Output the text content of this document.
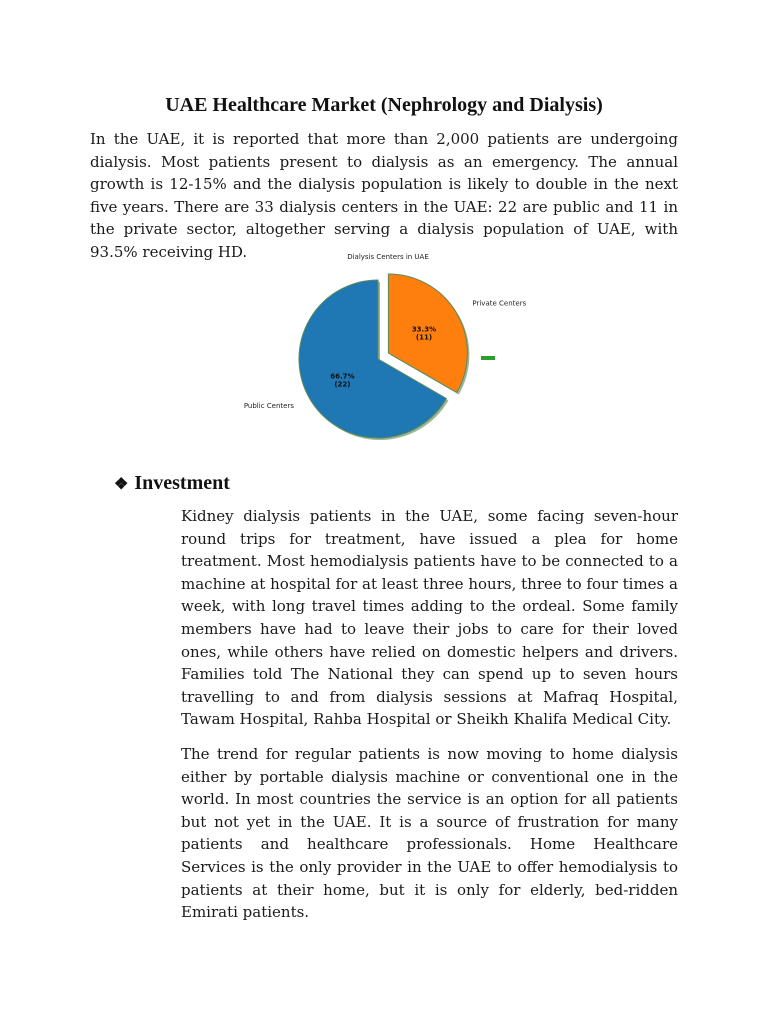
UAE Healthcare Market (Nephrology and Dialysis)

In the UAE, it is reported that more than 2,000 patients are undergoing dialysis. Most patients present to dialysis as an emergency. The annual growth is 12-15% and the dialysis population is likely to double in the next five years. There are 33 dialysis centers in the UAE: 22 are public and 11 in the private sector, altogether serving a dialysis population of UAE, with 93.5% receiving HD.	Dialysis Centers in UAE
33.3%
(11)
Private Centers
66.7%
(22)
Public Centers
❖ Investment

Kidney dialysis patients in the UAE, some facing seven-hour round trips for treatment, have issued a plea for home treatment. Most hemodialysis patients have to be connected to a machine at hospital for at least three hours, three to four times a week, with long travel times adding to the ordeal. Some family members have had to leave their jobs to care for their loved ones, while others have relied on domestic helpers and drivers. Families told The National they can spend up to seven hours travelling to and from dialysis sessions at Mafraq Hospital, Tawam Hospital, Rahba Hospital or Sheikh Khalifa Medical City.

The trend for regular patients is now moving to home dialysis either by portable dialysis machine or conventional one in the world. In most countries the service is an option for all patients but not yet in the UAE. It is a source of frustration for many patients and healthcare professionals. Home Healthcare Services is the only provider in the UAE to offer hemodialysis to patients at their home, but it is only for elderly, bed-ridden Emirati patients.
